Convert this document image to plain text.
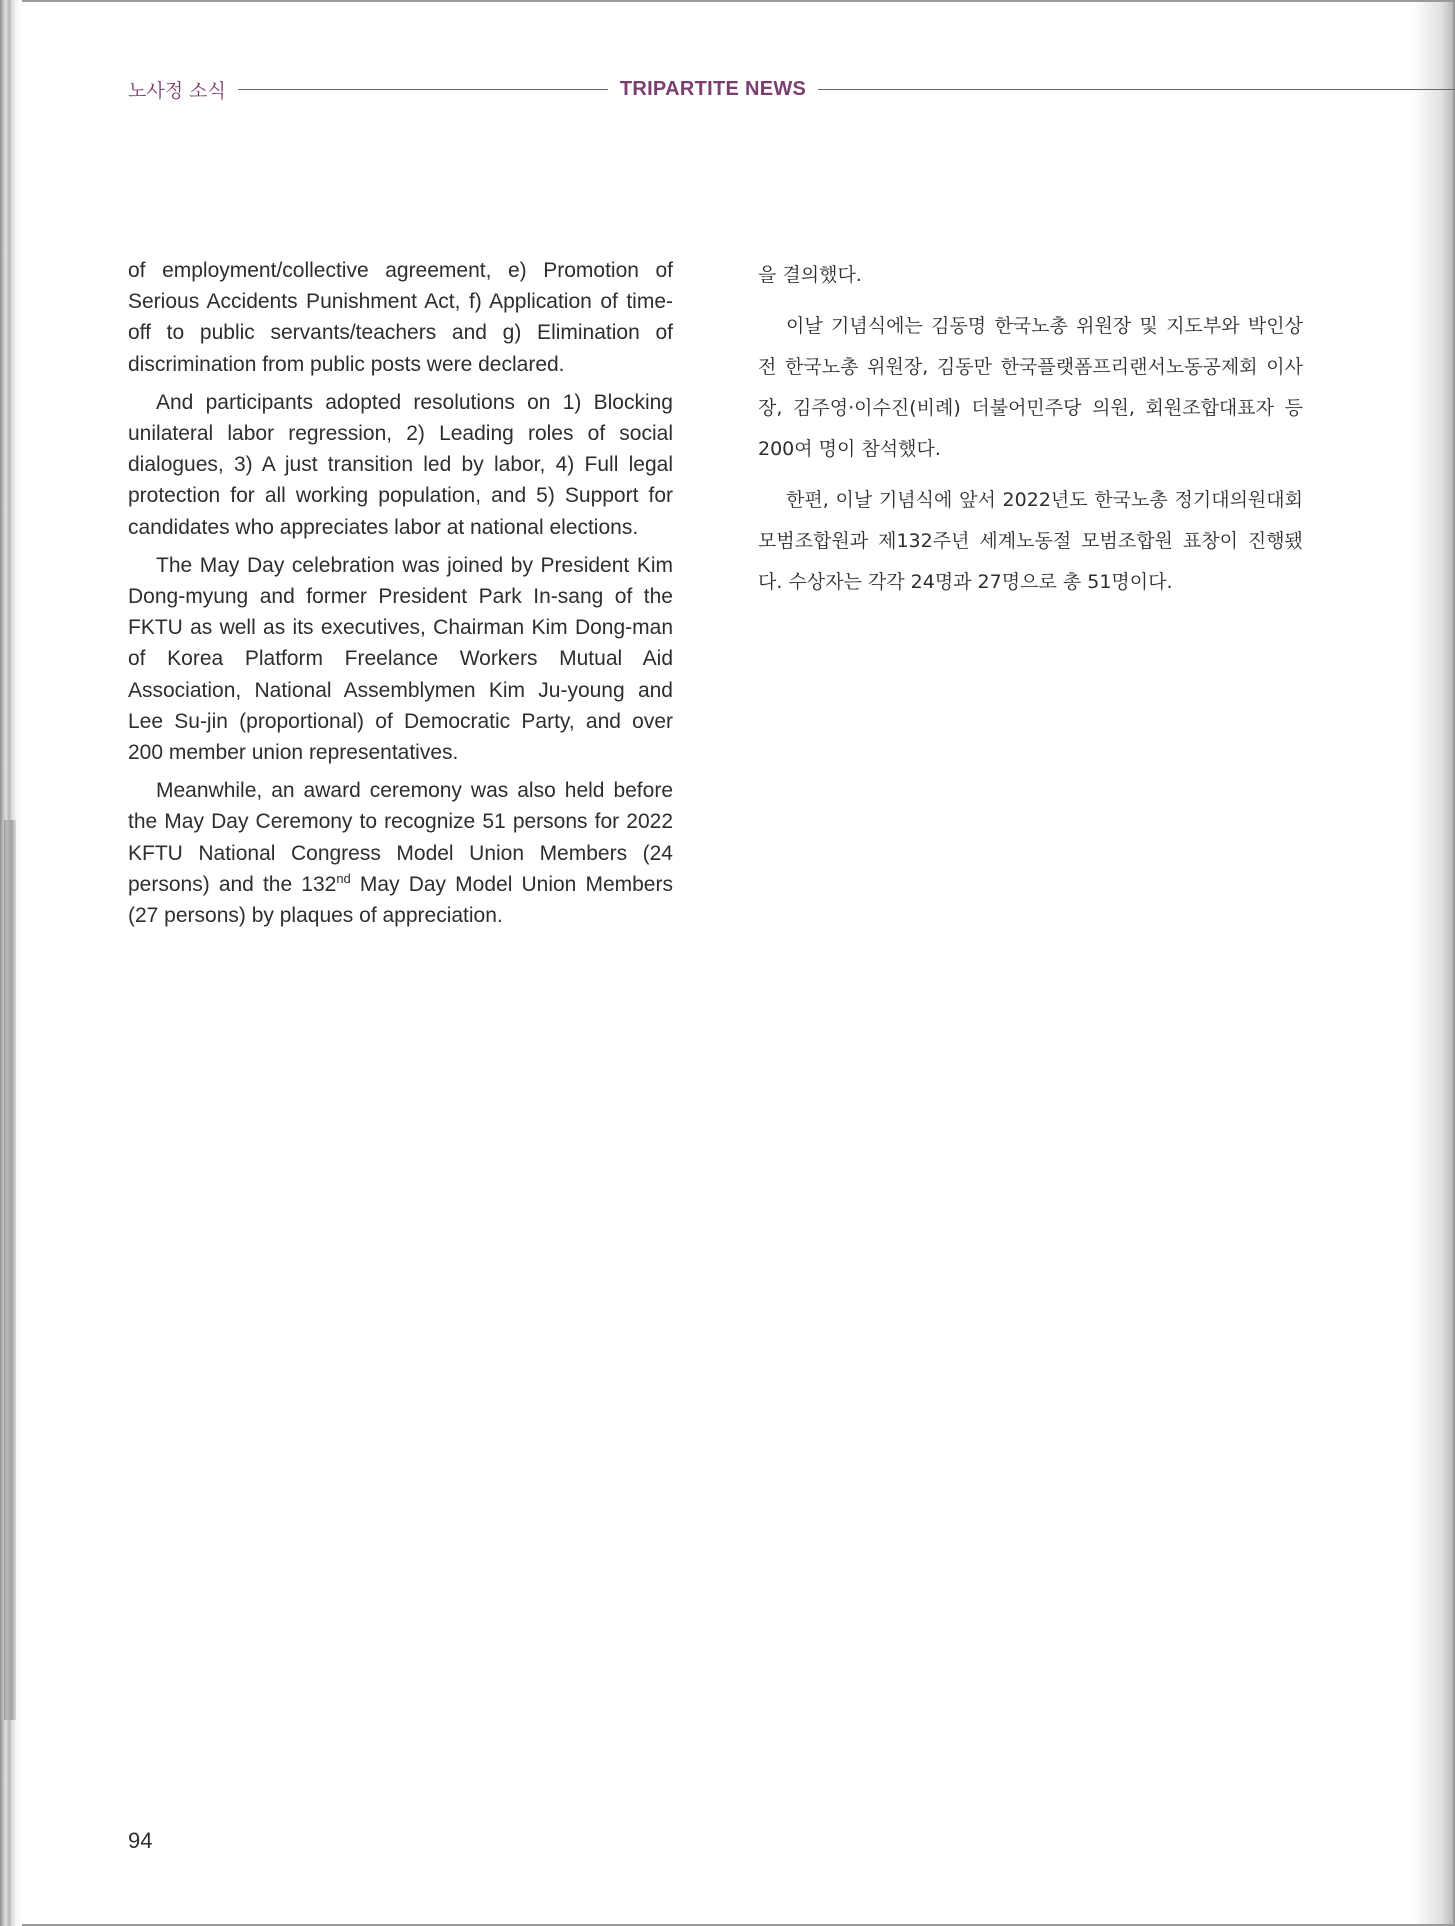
노사정 소식	TRIPARTITE NEWS

of employment/collective agreement, e) Promotion of Serious Accidents Punishment Act, f) Application of time-off to public servants/teachers and g) Elimination of discrimination from public posts were declared.

And participants adopted resolutions on 1) Blocking unilateral labor regression, 2) Leading roles of social dialogues, 3) A just transition led by labor, 4) Full legal protection for all working population, and 5) Support for candidates who appreciates labor at national elections.

The May Day celebration was joined by President Kim Dong-myung and former President Park In-sang of the FKTU as well as its executives, Chairman Kim Dong-man of Korea Platform Freelance Workers Mutual Aid Association, National Assemblymen Kim Ju-young and Lee Su-jin (proportional) of Democratic Party, and over 200 member union representatives.

Meanwhile, an award ceremony was also held before the May Day Ceremony to recognize 51 persons for 2022 KFTU National Congress Model Union Members (24 persons) and the 132nd May Day Model Union Members (27 persons) by plaques of appreciation.

을 결의했다.

이날 기념식에는 김동명 한국노총 위원장 및 지도부와 박인상 전 한국노총 위원장, 김동만 한국플랫폼프리랜서노동공제회 이사장, 김주영·이수진(비례) 더불어민주당 의원, 회원조합대표자 등 200여 명이 참석했다.

한편, 이날 기념식에 앞서 2022년도 한국노총 정기대의원대회 모범조합원과 제132주년 세계노동절 모범조합원 표창이 진행됐다. 수상자는 각각 24명과 27명으로 총 51명이다.

94
